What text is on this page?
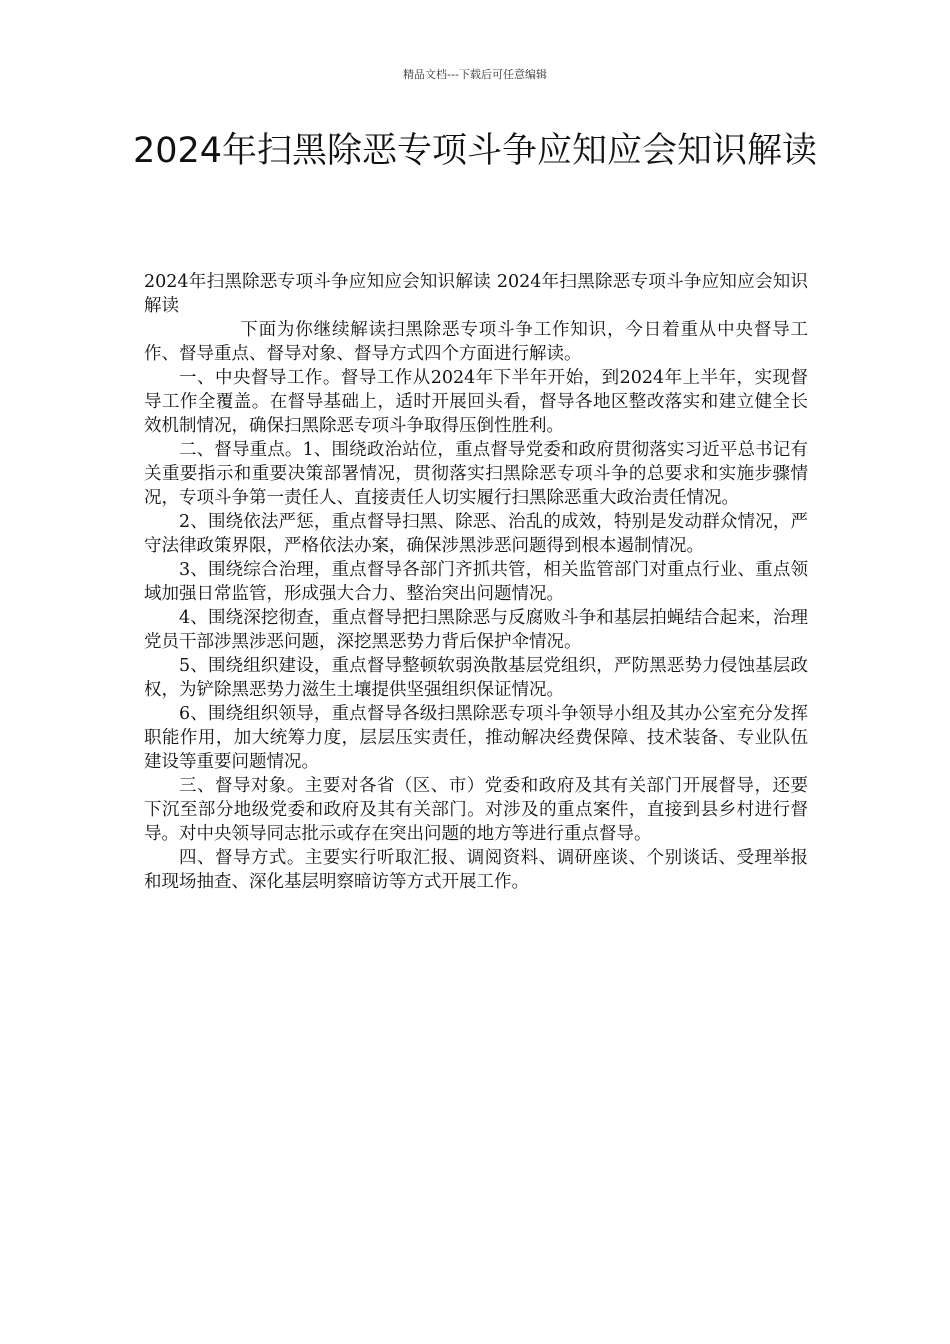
精品文档---下载后可任意编辑
2024年扫黑除恶专项斗争应知应会知识解读

2024年扫黑除恶专项斗争应知应会知识解读 2024年扫黑除恶专项斗争应知应会知识解读

下面为你继续解读扫黑除恶专项斗争工作知识，今日着重从中央督导工作、督导重点、督导对象、督导方式四个方面进行解读。

一、中央督导工作。督导工作从2024年下半年开始，到2024年上半年，实现督导工作全覆盖。在督导基础上，适时开展回头看，督导各地区整改落实和建立健全长效机制情况，确保扫黑除恶专项斗争取得压倒性胜利。

二、督导重点。1、围绕政治站位，重点督导党委和政府贯彻落实习近平总书记有关重要指示和重要决策部署情况，贯彻落实扫黑除恶专项斗争的总要求和实施步骤情况，专项斗争第一责任人、直接责任人切实履行扫黑除恶重大政治责任情况。

2、围绕依法严惩，重点督导扫黑、除恶、治乱的成效，特别是发动群众情况，严守法律政策界限，严格依法办案，确保涉黑涉恶问题得到根本遏制情况。

3、围绕综合治理，重点督导各部门齐抓共管，相关监管部门对重点行业、重点领域加强日常监管，形成强大合力、整治突出问题情况。

4、围绕深挖彻查，重点督导把扫黑除恶与反腐败斗争和基层拍蝇结合起来，治理党员干部涉黑涉恶问题，深挖黑恶势力背后保护伞情况。

5、围绕组织建设，重点督导整顿软弱涣散基层党组织，严防黑恶势力侵蚀基层政权，为铲除黑恶势力滋生土壤提供坚强组织保证情况。

6、围绕组织领导，重点督导各级扫黑除恶专项斗争领导小组及其办公室充分发挥职能作用，加大统筹力度，层层压实责任，推动解决经费保障、技术装备、专业队伍建设等重要问题情况。

三、督导对象。主要对各省（区、市）党委和政府及其有关部门开展督导，还要下沉至部分地级党委和政府及其有关部门。对涉及的重点案件，直接到县乡村进行督导。对中央领导同志批示或存在突出问题的地方等进行重点督导。

四、督导方式。主要实行听取汇报、调阅资料、调研座谈、个别谈话、受理举报和现场抽查、深化基层明察暗访等方式开展工作。
